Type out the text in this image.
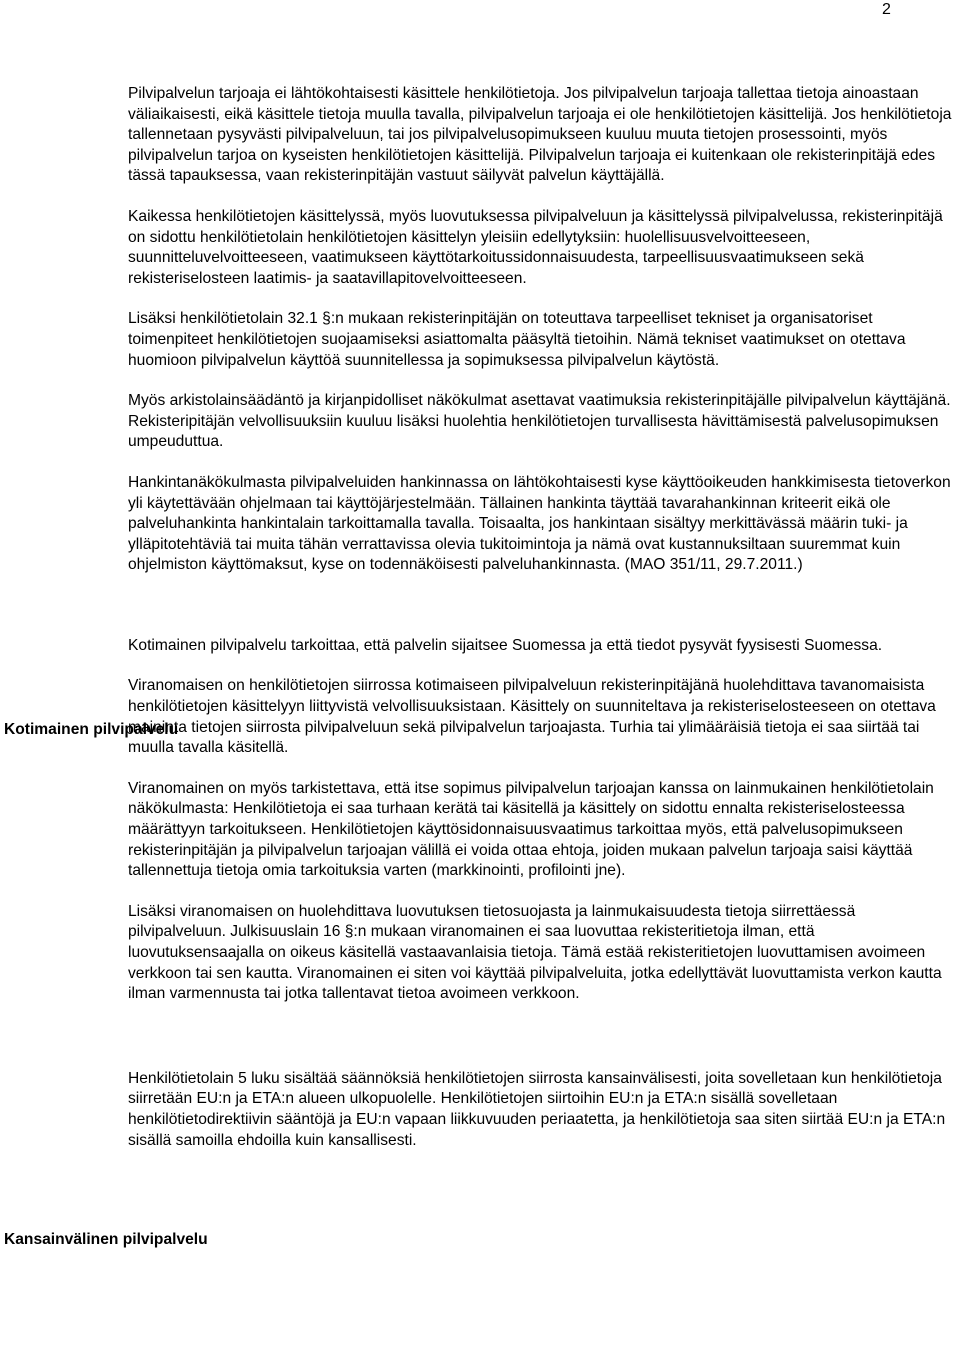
2
Kotimainen pilvipalvelu
Kansainvälinen pilvipalvelu

Pilvipalvelun tarjoaja ei lähtökohtaisesti käsittele henkilötietoja. Jos pilvipalvelun tarjoaja tallettaa tietoja ainoastaan väliaikaisesti, eikä käsittele tietoja muulla tavalla, pilvipalvelun tarjoaja ei ole henkilötietojen käsittelijä. Jos henkilötietoja tallennetaan pysyvästi pilvipalveluun, tai jos pilvipalvelusopimukseen kuuluu muuta tietojen prosessointi, myös pilvipalvelun tarjoa on kyseisten henkilötietojen käsittelijä. Pilvipalvelun tarjoaja ei kuitenkaan ole rekisterinpitäjä edes tässä tapauksessa, vaan rekisterinpitäjän vastuut säilyvät palvelun käyttäjällä.

Kaikessa henkilötietojen käsittelyssä, myös luovutuksessa pilvipalveluun ja käsittelyssä pilvipalvelussa, rekisterinpitäjä on sidottu henkilötietolain henkilötietojen käsittelyn yleisiin edellytyksiin: huolellisuusvelvoitteeseen, suunnitteluvelvoitteeseen, vaatimukseen käyttötarkoitussidonnaisuudesta, tarpeellisuusvaatimukseen sekä rekisteriselosteen laatimis- ja saatavillapitovelvoitteeseen.

Lisäksi henkilötietolain 32.1 §:n mukaan rekisterinpitäjän on toteuttava tarpeelliset tekniset ja organisatoriset toimenpiteet henkilötietojen suojaamiseksi asiattomalta pääsyltä tietoihin. Nämä tekniset vaatimukset on otettava huomioon pilvipalvelun käyttöä suunnitellessa ja sopimuksessa pilvipalvelun käytöstä.

Myös arkistolainsäädäntö ja kirjanpidolliset näkökulmat asettavat vaatimuksia rekisterinpitäjälle pilvipalvelun käyttäjänä. Rekisteripitäjän velvollisuuksiin kuuluu lisäksi huolehtia henkilötietojen turvallisesta hävittämisestä palvelusopimuksen umpeuduttua.

Hankintanäkökulmasta pilvipalveluiden hankinnassa on lähtökohtaisesti kyse käyttöoikeuden hankkimisesta tietoverkon yli käytettävään ohjelmaan tai käyttöjärjestelmään. Tällainen hankinta täyttää tavarahankinnan kriteerit eikä ole palveluhankinta hankintalain tarkoittamalla tavalla. Toisaalta, jos hankintaan sisältyy merkittävässä määrin tuki- ja ylläpitotehtäviä tai muita tähän verrattavissa olevia tukitoimintoja ja nämä ovat kustannuksiltaan suuremmat kuin ohjelmiston käyttömaksut, kyse on todennäköisesti palveluhankinnasta. (MAO 351/11, 29.7.2011.)

Kotimainen pilvipalvelu tarkoittaa, että palvelin sijaitsee Suomessa ja että tiedot pysyvät fyysisesti Suomessa.

Viranomaisen on henkilötietojen siirrossa kotimaiseen pilvipalveluun rekisterinpitäjänä huolehdittava tavanomaisista henkilötietojen käsittelyyn liittyvistä velvollisuuksistaan. Käsittely on suunniteltava ja rekisteriselosteeseen on otettava maininta tietojen siirrosta pilvipalveluun sekä pilvipalvelun tarjoajasta. Turhia tai ylimääräisiä tietoja ei saa siirtää tai muulla tavalla käsitellä.

Viranomainen on myös tarkistettava, että itse sopimus pilvipalvelun tarjoajan kanssa on lainmukainen henkilötietolain näkökulmasta: Henkilötietoja ei saa turhaan kerätä tai käsitellä ja käsittely on sidottu ennalta rekisteriselosteessa määrättyyn tarkoitukseen. Henkilötietojen käyttösidonnaisuusvaatimus tarkoittaa myös, että palvelusopimukseen rekisterinpitäjän ja pilvipalvelun tarjoajan välillä ei voida ottaa ehtoja, joiden mukaan palvelun tarjoaja saisi käyttää tallennettuja tietoja omia tarkoituksia varten (markkinointi, profilointi jne).

Lisäksi viranomaisen on huolehdittava luovutuksen tietosuojasta ja lainmukaisuudesta tietoja siirrettäessä pilvipalveluun. Julkisuuslain 16 §:n mukaan viranomainen ei saa luovuttaa rekisteritietoja ilman, että luovutuksensaajalla on oikeus käsitellä vastaavanlaisia tietoja. Tämä estää rekisteritietojen luovuttamisen avoimeen verkkoon tai sen kautta. Viranomainen ei siten voi käyttää pilvipalveluita, jotka edellyttävät luovuttamista verkon kautta ilman varmennusta tai jotka tallentavat tietoa avoimeen verkkoon.

Henkilötietolain 5 luku sisältää säännöksiä henkilötietojen siirrosta kansainvälisesti, joita sovelletaan kun henkilötietoja siirretään EU:n ja ETA:n alueen ulkopuolelle. Henkilötietojen siirtoihin EU:n ja ETA:n sisällä sovelletaan henkilötietodirektiivin sääntöjä ja EU:n vapaan liikkuvuuden periaatetta, ja henkilötietoja saa siten siirtää EU:n ja ETA:n sisällä samoilla ehdoilla kuin kansallisesti.
